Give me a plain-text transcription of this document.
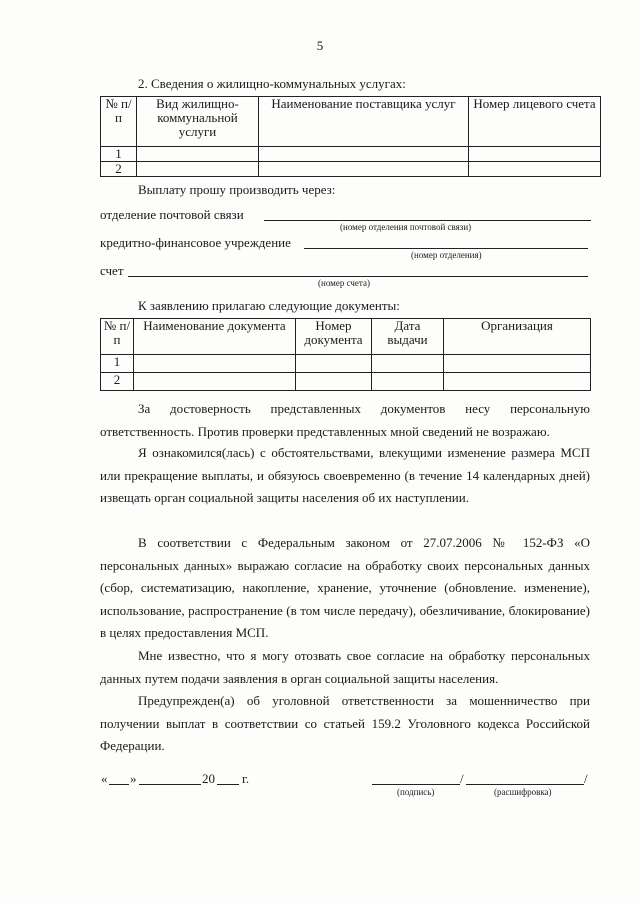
5
2. Сведения о жилищно-коммунальных услугах:
№ п/п	Вид жилищно-коммунальной услуги	Наименование поставщика услуг	Номер лицевого счета
1			
2			
Выплату прошу производить через:
отделение почтовой связи
(номер отделения почтовой связи)
кредитно-финансовое учреждение
(номер отделения)
счет
(номер счета)
К заявлению прилагаю следующие документы:
№ п/п	Наименование документа	Номер документа	Дата выдачи	Организация
1				
2				
За достоверность представленных документов несу персональную ответственность. Против проверки представленных мной сведений не возражаю.
Я ознакомился(лась) с обстоятельствами, влекущими изменение размера МСП или прекращение выплаты, и обязуюсь своевременно (в течение 14 календарных дней) извещать орган социальной защиты населения об их наступлении.
В соответствии с Федеральным законом от 27.07.2006 № 152-ФЗ «О персональных данных» выражаю согласие на обработку своих персональных данных (сбор, систематизацию, накопление, хранение, уточнение (обновление. изменение), использование, распространение (в том числе передачу), обезличивание, блокирование) в целях предоставления МСП.
Мне известно, что я могу отозвать свое согласие на обработку персональных данных путем подачи заявления в орган социальной защиты населения.
Предупрежден(а) об уголовной ответственности за мошенничество при получении выплат в соответствии со статьей 159.2 Уголовного кодекса Российской Федерации.
« »	20 г.	/	/
(подпись)	(расшифровка)
